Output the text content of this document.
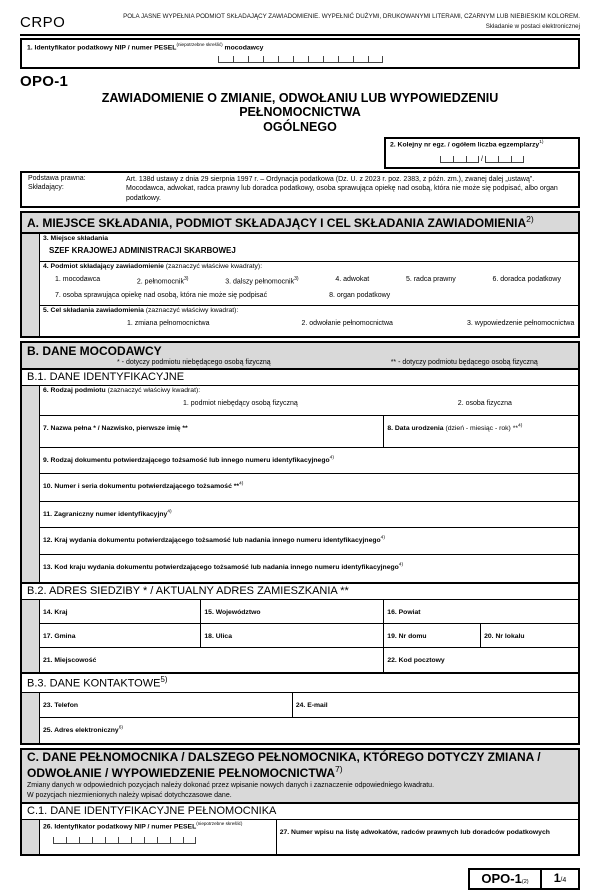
CRPO	POLA JASNE WYPEŁNIA PODMIOT SKŁADAJĄCY ZAWIADOMIENIE. WYPEŁNIĆ DUŻYMI, DRUKOWANYMI LITERAMI, CZARNYM LUB NIEBIESKIM KOLOREM.
Składanie w postaci elektronicznej
1. Identyfikator podatkowy NIP / numer $PESEL^{(niepotrzebne skreślić)}$ mocodawcy
OPO-1
ZAWIADOMIENIE O ZMIANIE, ODWOŁANIU LUB WYPOWIEDZENIU PEŁNOMOCNICTWA
OGÓLNEGO
2. Kolejny nr egz. / ogółem liczba egzemplarzy$^{1)}$
/
Podstawa prawna:	Art. 138d ustawy z dnia 29 sierpnia 1997 r. – Ordynacja podatkowa (Dz. U. z 2023 r. poz. 2383, z późn. zm.), zwanej dalej „ustawą”.
Składający:	Mocodawca, adwokat, radca prawny lub doradca podatkowy, osoba sprawująca opiekę nad osobą, która nie może się podpisać, albo organ podatkowy.
A. MIEJSCE SKŁADANIA, PODMIOT SKŁADAJĄCY I CEL SKŁADANIA ZAWIADOMIENIA$^{2)}$
3. Miejsce składania
SZEF KRAJOWEJ ADMINISTRACJI SKARBOWEJ
4. Podmiot składający zawiadomienie (zaznaczyć właściwe kwadraty):
1. mocodawca	2. pełnomocnik$^{3)}$	3. dalszy pełnomocnik$^{3)}$	4. adwokat	5. radca prawny	6. doradca podatkowy
7. osoba sprawująca opiekę nad osobą, która nie może się podpisać	8. organ podatkowy
5. Cel składania zawiadomienia (zaznaczyć właściwy kwadrat):
1. zmiana pełnomocnictwa	2. odwołanie pełnomocnictwa	3. wypowiedzenie pełnomocnictwa
B. DANE MOCODAWCY
* - dotyczy podmiotu niebędącego osobą fizyczną	** - dotyczy podmiotu będącego osobą fizyczną
B.1. DANE IDENTYFIKACYJNE
6. Rodzaj podmiotu (zaznaczyć właściwy kwadrat):
1. podmiot niebędący osobą fizyczną	2. osoba fizyczna
7. Nazwa pełna * / Nazwisko, pierwsze imię **	8. Data urodzenia (dzień - miesiąc - rok) **$^{4)}$
9. Rodzaj dokumentu potwierdzającego tożsamość lub innego numeru identyfikacyjnego$^{4)}$
10. Numer i seria dokumentu potwierdzającego tożsamość **$^{4)}$
11. Zagraniczny numer identyfikacyjny$^{4)}$
12. Kraj wydania dokumentu potwierdzającego tożsamość lub nadania innego numeru identyfikacyjnego$^{4)}$
13. Kod kraju wydania dokumentu potwierdzającego tożsamość lub nadania innego numeru identyfikacyjnego$^{4)}$
B.2. ADRES SIEDZIBY * / AKTUALNY ADRES ZAMIESZKANIA **
14. Kraj	15. Województwo	16. Powiat
17. Gmina	18. Ulica	19. Nr domu	20. Nr lokalu
21. Miejscowość	22. Kod pocztowy
B.3. DANE KONTAKTOWE$^{5)}$
23. Telefon	24. E-mail
25. Adres elektroniczny$^{6)}$
C. DANE PEŁNOMOCNIKA / DALSZEGO PEŁNOMOCNIKA, KTÓREGO DOTYCZY ZMIANA /
ODWOŁANIE / WYPOWIEDZENIE PEŁNOMOCNICTWA$^{7)}$
Zmiany danych w odpowiednich pozycjach należy dokonać przez wpisanie nowych danych i zaznaczenie odpowiedniego kwadratu.
W pozycjach niezmienionych należy wpisać dotychczasowe dane.
C.1. DANE IDENTYFIKACYJNE PEŁNOMOCNIKA
26. Identyfikator podatkowy NIP / numer $PESEL^{(niepotrzebne skreślić)}$
27. Numer wpisu na listę adwokatów, radców prawnych lub doradców podatkowych
OPO-1(2)	1/4
